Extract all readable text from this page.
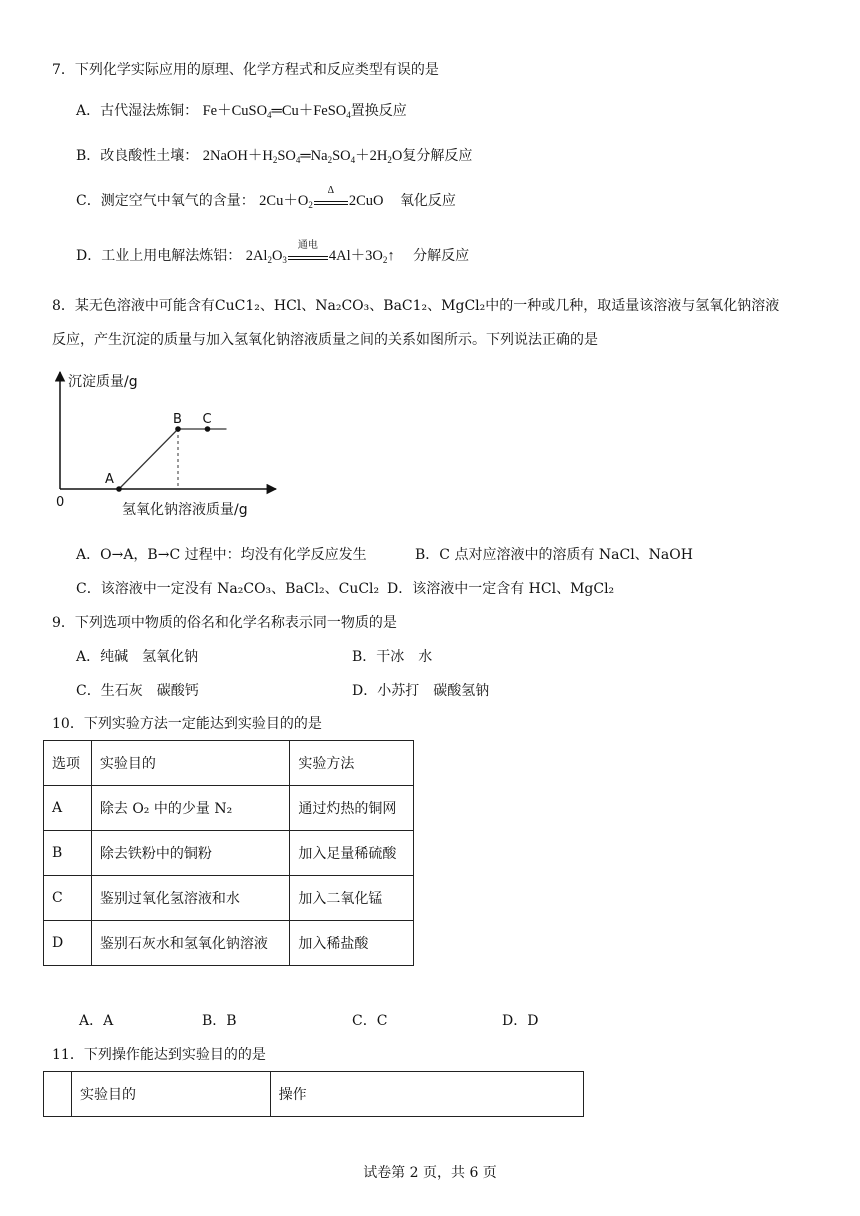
7．下列化学实际应用的原理、化学方程式和反应类型有误的是
A．古代湿法炼铜： Fe＋CuSO$_4$═Cu＋FeSO$_4$置换反应
B．改良酸性土壤： $2NaOH+H_2SO_4═Na_2SO_4+2H_2O$复分解反应
C．测定空气中氧气的含量： $2Cu+O_2$
Δ
2CuO 氧化反应
D．工业上用电解法炼铝： $2Al_2O_3$
通电
$4Al+3O_2↑$ 分解反应
8．某无色溶液中可能含有CuC1₂、HCl、Na₂CO₃、BaC1₂、MgCl₂中的一种或几种，取适量该溶液与氢氧化钠溶液
反应，产生沉淀的质量与加入氢氧化钠溶液质量之间的关系如图所示。下列说法正确的是
沉淀质量/g
氢氧化钠溶液质量/g
0
A
B C
A．O→A，B→C 过程中：均没有化学反应发生	B．C 点对应溶液中的溶质有 NaCl、NaOH
C．该溶液中一定没有 Na₂CO₃、BaCl₂、CuCl₂ D．该溶液中一定含有 HCl、MgCl₂
9．下列选项中物质的俗名和化学名称表示同一物质的是
A．纯碱　氢氧化钠	B．干冰　水
C．生石灰　碳酸钙	D．小苏打　碳酸氢钠
10．下列实验方法一定能达到实验目的的是
选项	实验目的	实验方法
A	除去 O₂ 中的少量 N₂	通过灼热的铜网
B	除去铁粉中的铜粉	加入足量稀硫酸
C	鉴别过氧化氢溶液和水	加入二氧化锰
D	鉴别石灰水和氢氧化钠溶液	加入稀盐酸
A．A	B．B	C．C	D．D
11．下列操作能达到实验目的的是
	实验目的	操作
试卷第 2 页，共 6 页
